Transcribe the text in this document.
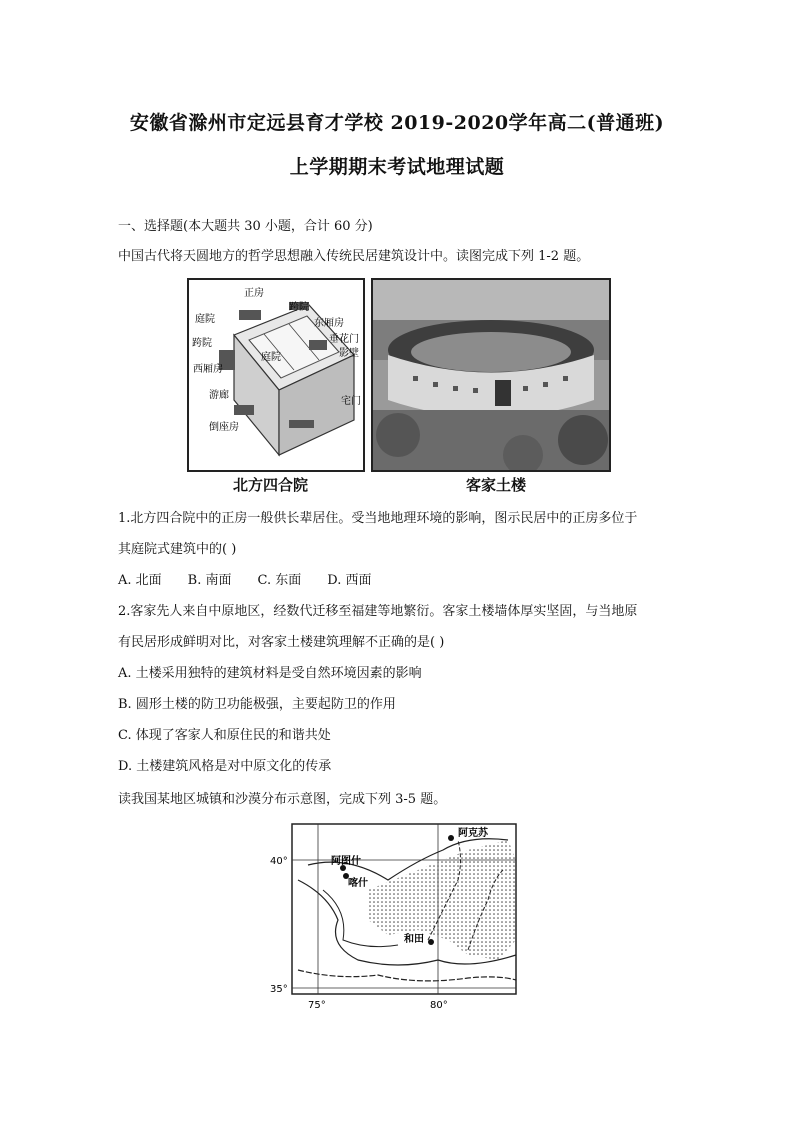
安徽省滁州市定远县育才学校 2019-2020学年高二(普通班)
上学期期末考试地理试题
一、选择题(本大题共 30 小题，合计 60 分)
中国古代将天圆地方的哲学思想融入传统民居建筑设计中。读图完成下列 1-2 题。
正房
跨院
庭院	东厢房
跨院	垂花门
庭院	影壁
西厢房
游廊
宅门
倒座房
北方四合院	客家土楼
1.北方四合院中的正房一般供长辈居住。受当地地理环境的影响，图示民居中的正房多位于
其庭院式建筑中的( )
A. 北面 B. 南面 C. 东面 D. 西面
2.客家先人来自中原地区，经数代迁移至福建等地繁衍。客家土楼墙体厚实坚固，与当地原
有民居形成鲜明对比，对客家土楼建筑理解不正确的是( )
A. 土楼采用独特的建筑材料是受自然环境因素的影响
B. 圆形土楼的防卫功能极强，主要起防卫的作用
C. 体现了客家人和原住民的和谐共处
D. 土楼建筑风格是对中原文化的传承
读我国某地区城镇和沙漠分布示意图，完成下列 3-5 题。
阿克苏
阿图什
喀什
和田
40°
35°
75°	80°
